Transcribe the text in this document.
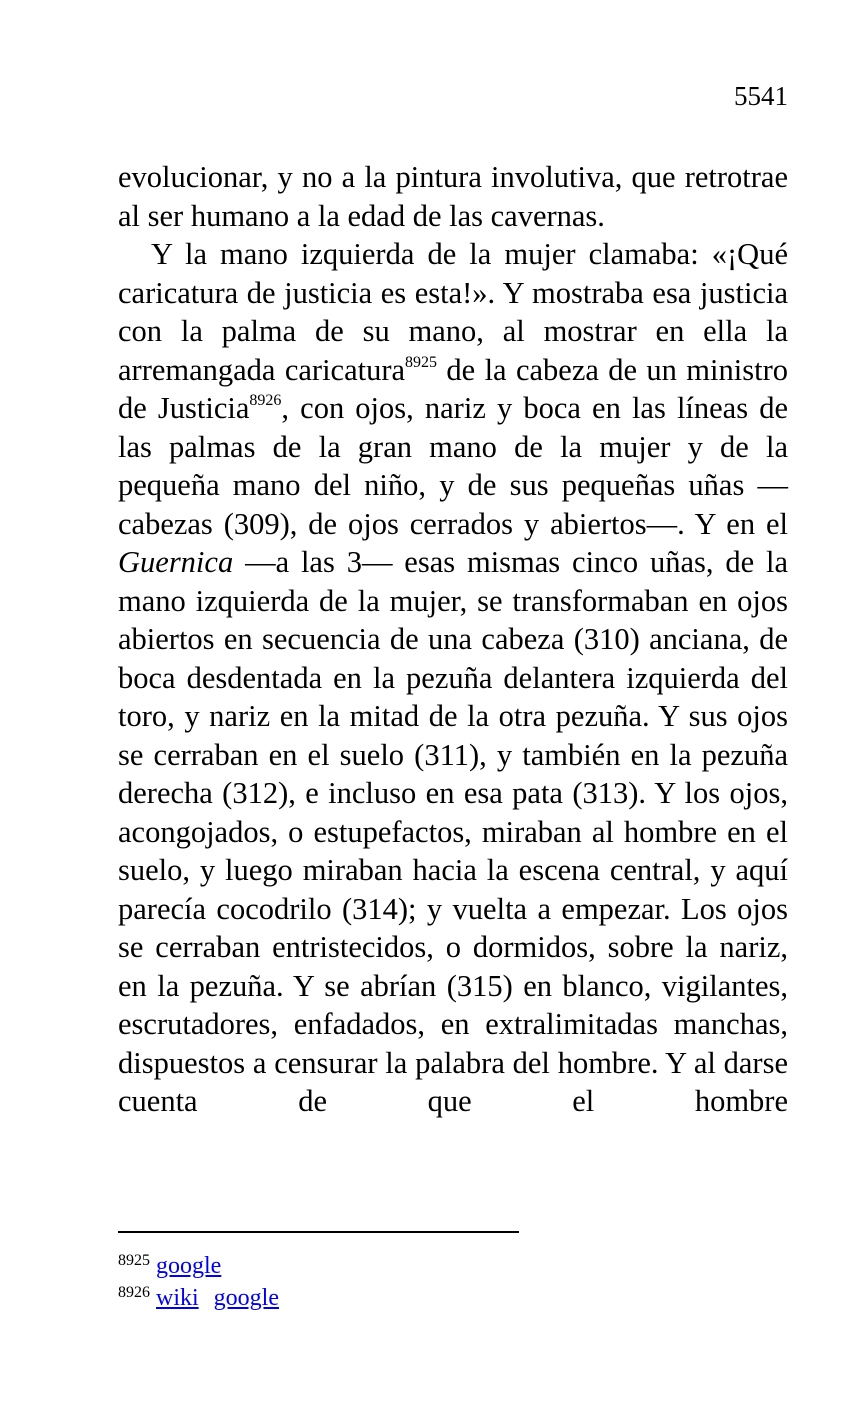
5541

evolucionar, y no a la pintura involutiva, que retrotrae al ser humano a la edad de las cavernas.

Y la mano izquierda de la mujer clamaba: «¡Qué caricatura de justicia es esta!». Y mostraba esa justicia con la palma de su mano, al mostrar en ella la arremangada caricatura$^{8925}$ de la cabeza de un ministro de Justicia$^{8926}$, con ojos, nariz y boca en las líneas de las palmas de la gran mano de la mujer y de la pequeña mano del niño, y de sus pequeñas uñas —cabezas (309), de ojos cerrados y abiertos—. Y en el Guernica —a las 3— esas mismas cinco uñas, de la mano izquierda de la mujer, se transformaban en ojos abiertos en secuencia de una cabeza (310) anciana, de boca desdentada en la pezuña delantera izquierda del toro, y nariz en la mitad de la otra pezuña. Y sus ojos se cerraban en el suelo (311), y también en la pezuña derecha (312), e incluso en esa pata (313). Y los ojos, acongojados, o estupefactos, miraban al hombre en el suelo, y luego miraban hacia la escena central, y aquí parecía cocodrilo (314); y vuelta a empezar. Los ojos se cerraban entristecidos, o dormidos, sobre la nariz, en la pezuña. Y se abrían (315) en blanco, vigilantes, escrutadores, enfadados, en extralimitadas manchas, dispuestos a censurar la palabra del hombre. Y al darse cuenta de que el hombre

$^{8925}$ google
$^{8926}$ wiki google
